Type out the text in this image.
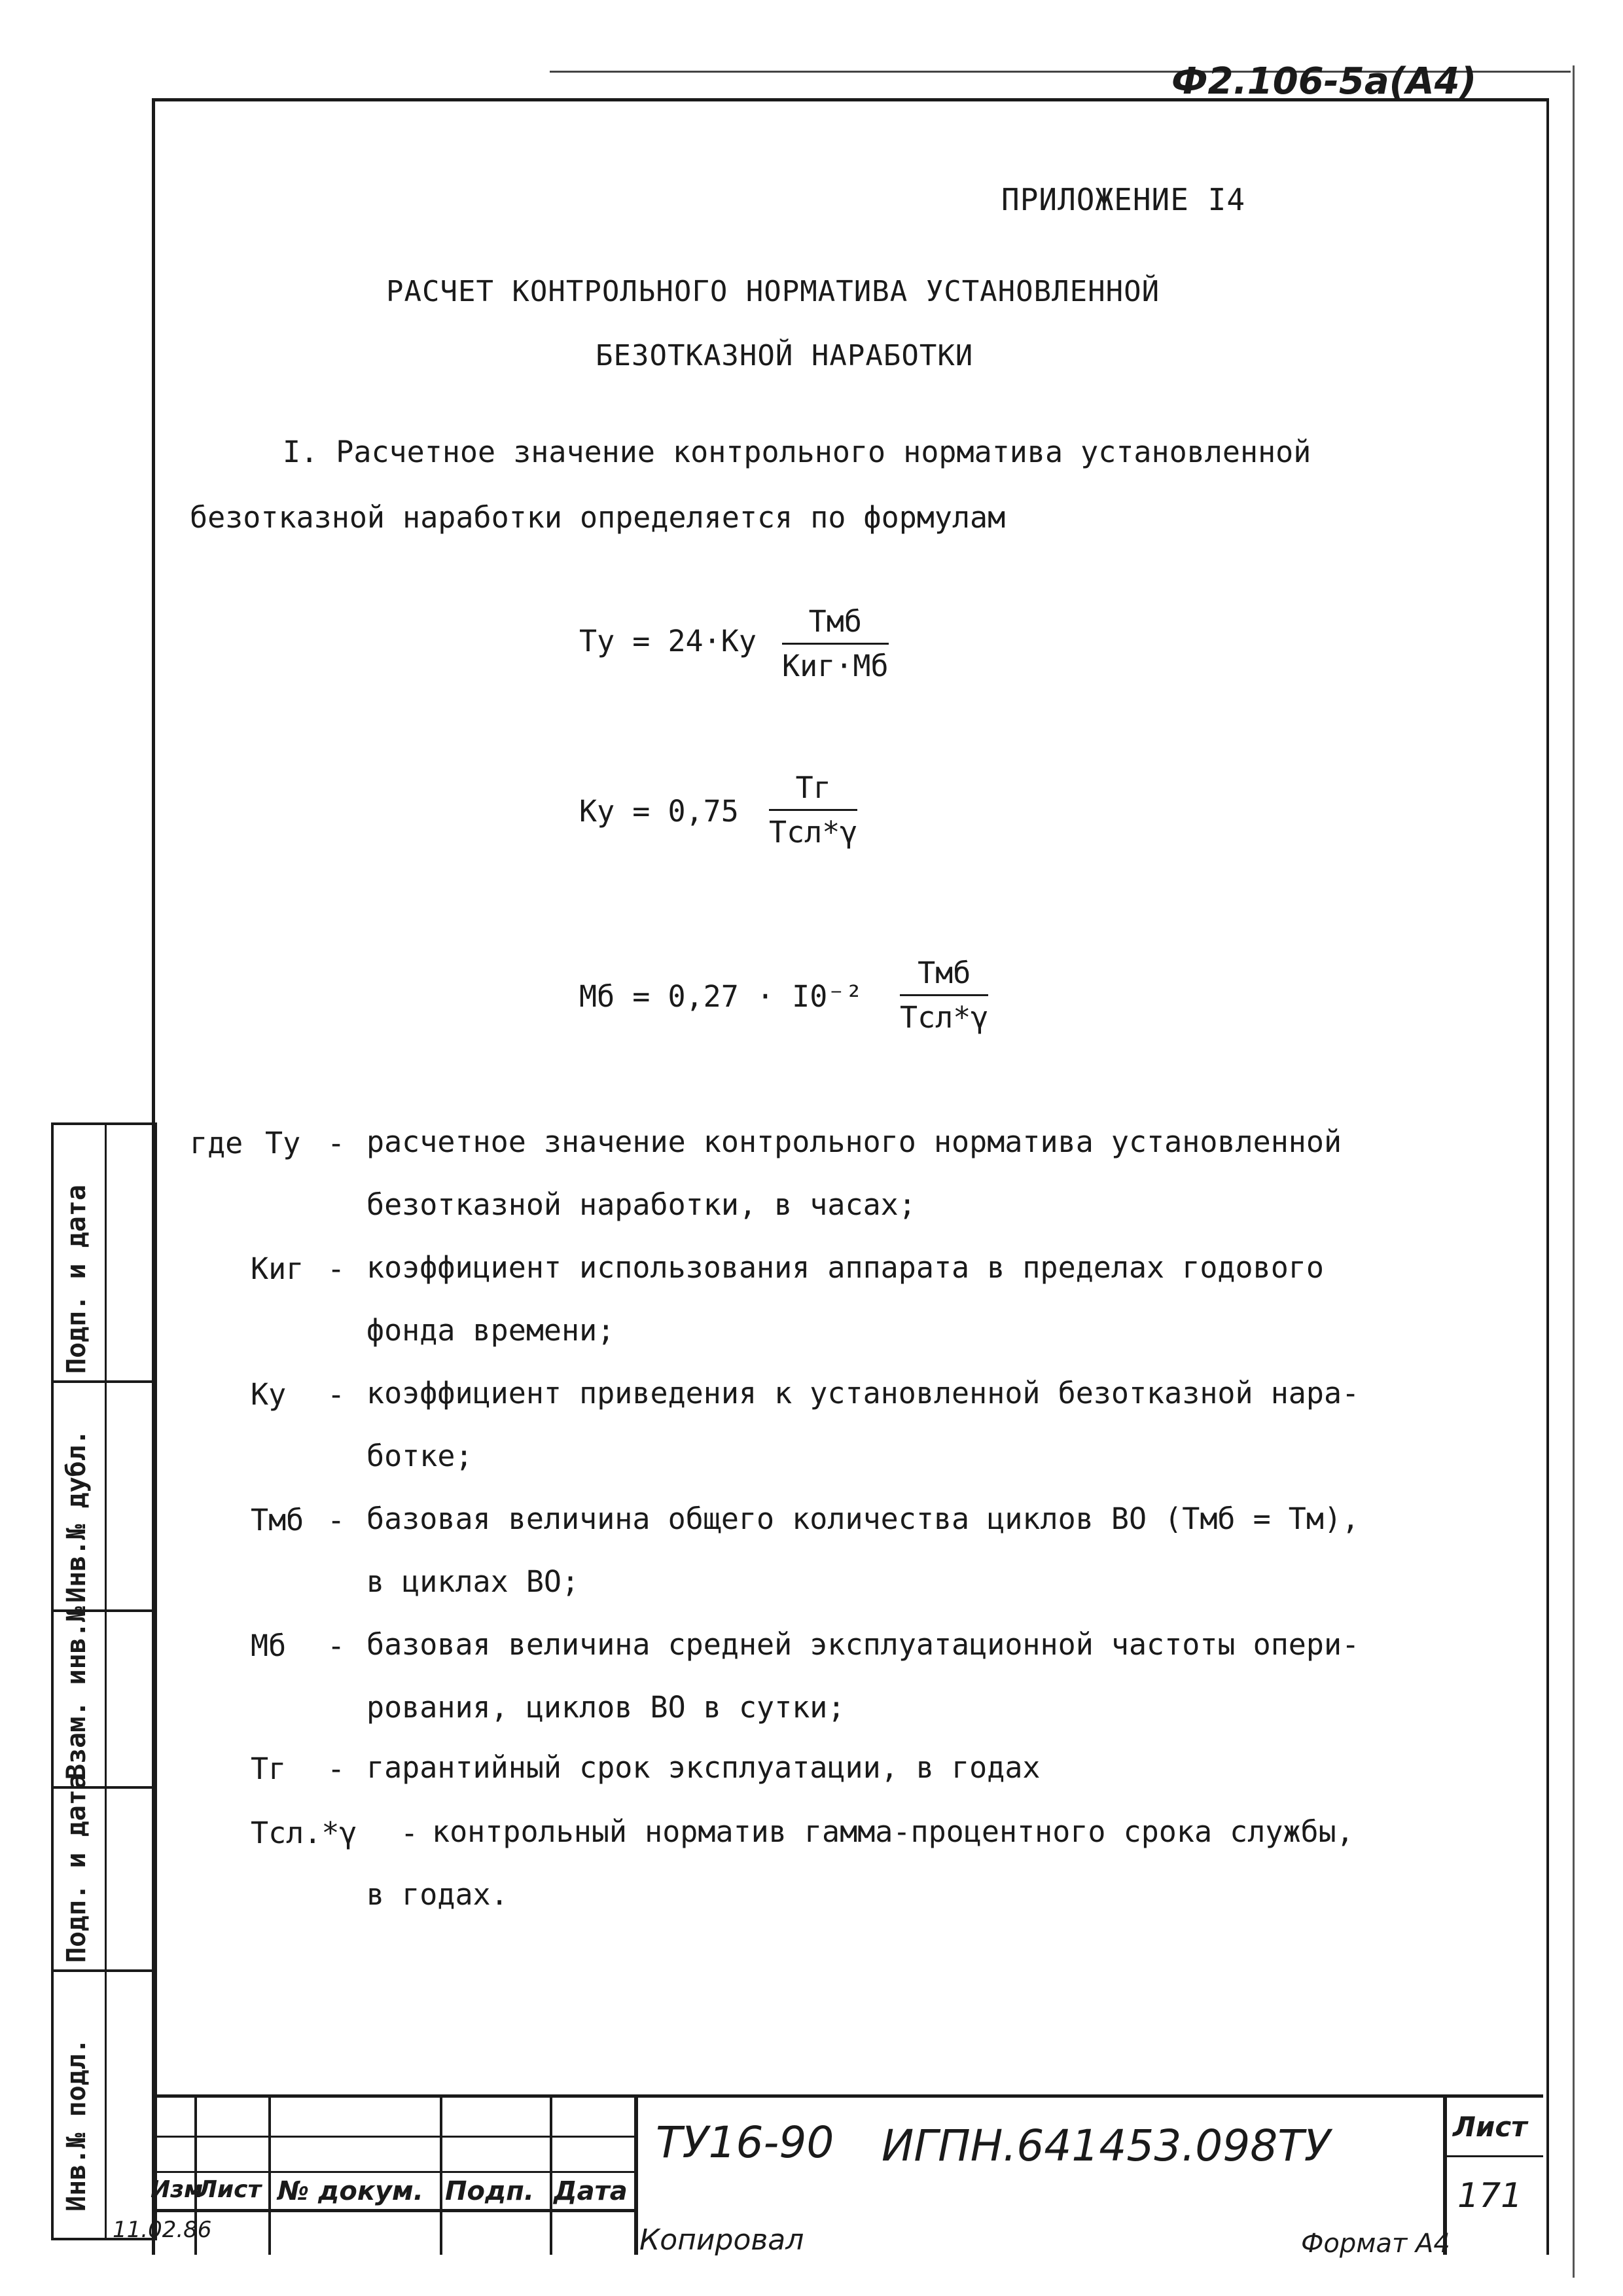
Ф2.106-5а(А4)
ПРИЛОЖЕНИЕ I4
РАСЧЕТ КОНТРОЛЬНОГО НОРМАТИВА УСТАНОВЛЕННОЙ
БЕЗОТКАЗНОЙ НАРАБОТКИ
I. Расчетное значение контрольного норматива установленной
безотказной наработки определяется по формулам
Ту = 24·Ку
Тмб
Киг·Мб
Ку = 0,75
Тг
Тсл*γ
Мб = 0,27 · I0⁻²
Тмб
Тсл*γ
где Ту - расчетное значение контрольного норматива установленной
безотказной наработки, в часах;
Киг - коэффициент использования аппарата в пределах годового
фонда времени;
Ку - коэффициент приведения к установленной безотказной нара-
ботке;
Тмб - базовая величина общего количества циклов ВО (Тмб = Тм),
в циклах ВО;
Мб - базовая величина средней эксплуатационной частоты опери-
рования, циклов ВО в сутки;
Тг - гарантийный срок эксплуатации, в годах
Тсл.*γ - контрольный норматив гамма-процентного срока службы,
в годах.
Подп. и дата
Инв.№ дубл.
Взам. инв.№
Подп. и дата
Инв.№ подл.	Изм
Лист № докум. Подп. Дата
ТУ16-90 ИГПН.641453.098ТУ	Лист
171
11.02.86	Копировал	Формат А4
